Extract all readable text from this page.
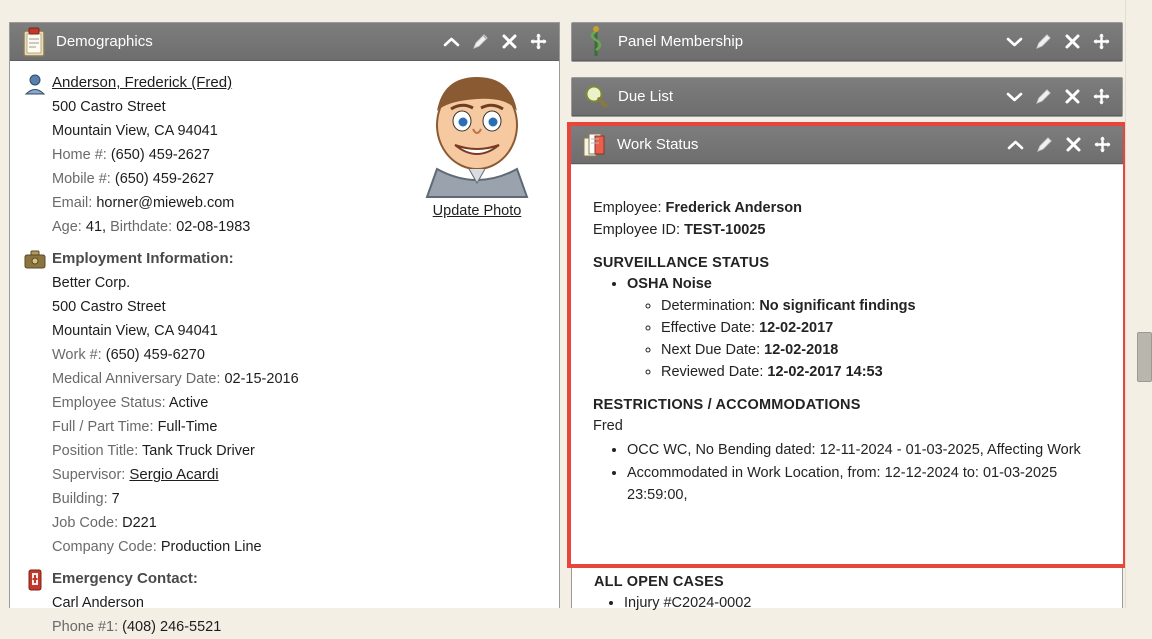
Demographics
Update Photo
Anderson, Frederick (Fred)
500 Castro Street
Mountain View, CA 94041
Home #: (650) 459-2627
Mobile #: (650) 459-2627
Email: horner@mieweb.com
Age: 41, Birthdate: 02-08-1983
Employment Information:
Better Corp.
500 Castro Street
Mountain View, CA 94041
Work #: (650) 459-6270
Medical Anniversary Date: 02-15-2016
Employee Status: Active
Full / Part Time: Full-Time
Position Title: Tank Truck Driver
Supervisor: Sergio Acardi
Building: 7
Job Code: D221
Company Code: Production Line
Emergency Contact:
Carl Anderson
Phone #1: (408) 246-5521
Panel Membership
Due List
ALL OPEN CASES
• Injury #C2024-0002
Work Status
Employee: Frederick Anderson
Employee ID: TEST-10025
SURVEILLANCE STATUS
• OSHA Noise
◦ Determination: No significant findings
◦ Effective Date: 12-02-2017
◦ Next Due Date: 12-02-2018
◦ Reviewed Date: 12-02-2017 14:53
RESTRICTIONS / ACCOMMODATIONS
Fred
• OCC WC, No Bending dated: 12-11-2024 - 01-03-2025, Affecting Work
• Accommodated in Work Location, from: 12-12-2024 to: 01-03-2025 23:59:00,
